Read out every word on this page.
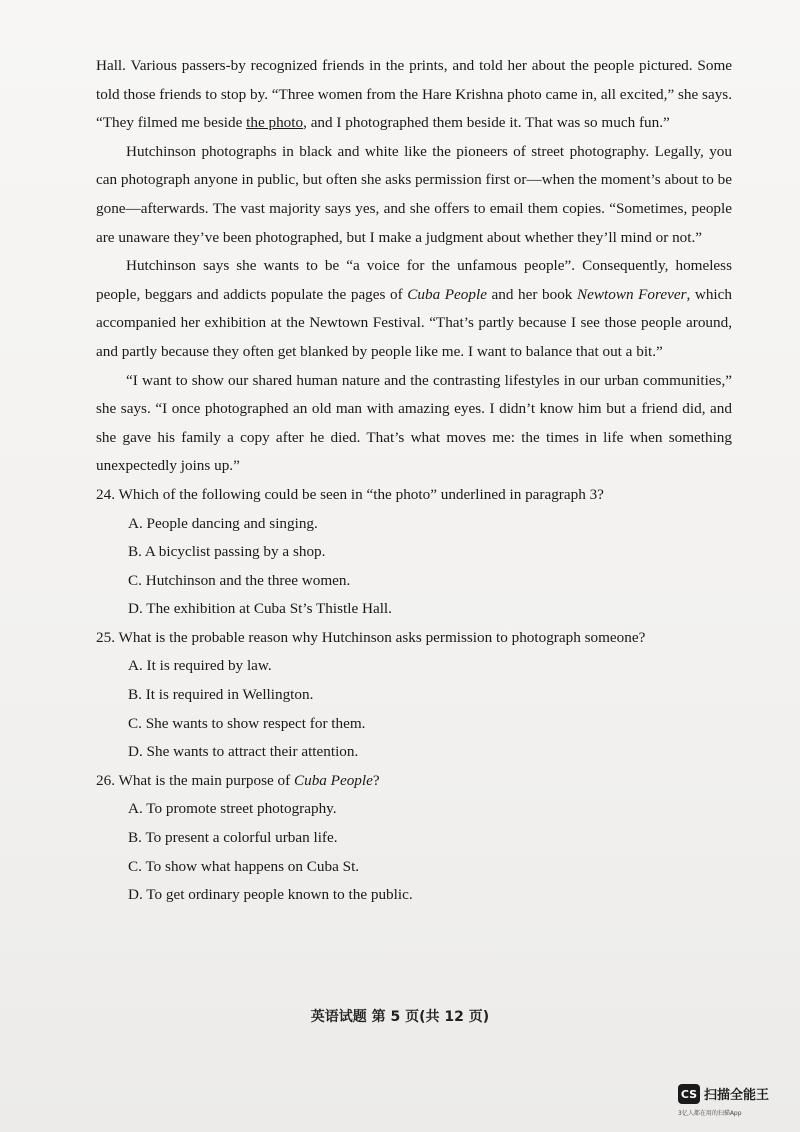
Hall. Various passers-by recognized friends in the prints, and told her about the people pictured. Some told those friends to stop by. “Three women from the Hare Krishna photo came in, all excited,” she says. “They filmed me beside the photo, and I photographed them beside it. That was so much fun.”

Hutchinson photographs in black and white like the pioneers of street photography. Legally, you can photograph anyone in public, but often she asks permission first or—when the moment’s about to be gone—afterwards. The vast majority says yes, and she offers to email them copies. “Sometimes, people are unaware they’ve been photographed, but I make a judgment about whether they’ll mind or not.”

Hutchinson says she wants to be “a voice for the unfamous people”. Consequently, homeless people, beggars and addicts populate the pages of Cuba People and her book Newtown Forever, which accompanied her exhibition at the Newtown Festival. “That’s partly because I see those people around, and partly because they often get blanked by people like me. I want to balance that out a bit.”

“I want to show our shared human nature and the contrasting lifestyles in our urban communities,” she says. “I once photographed an old man with amazing eyes. I didn’t know him but a friend did, and she gave his family a copy after he died. That’s what moves me: the times in life when something unexpectedly joins up.”

24. Which of the following could be seen in “the photo” underlined in paragraph 3?

A. People dancing and singing.

B. A bicyclist passing by a shop.

C. Hutchinson and the three women.

D. The exhibition at Cuba St’s Thistle Hall.

25. What is the probable reason why Hutchinson asks permission to photograph someone?

A. It is required by law.

B. It is required in Wellington.

C. She wants to show respect for them.

D. She wants to attract their attention.

26. What is the main purpose of Cuba People?

A. To promote street photography.

B. To present a colorful urban life.

C. To show what happens on Cuba St.

D. To get ordinary people known to the public.

英语试题 第 5 页(共 12 页)
CS 扫描全能王
3亿人都在用的扫描App
